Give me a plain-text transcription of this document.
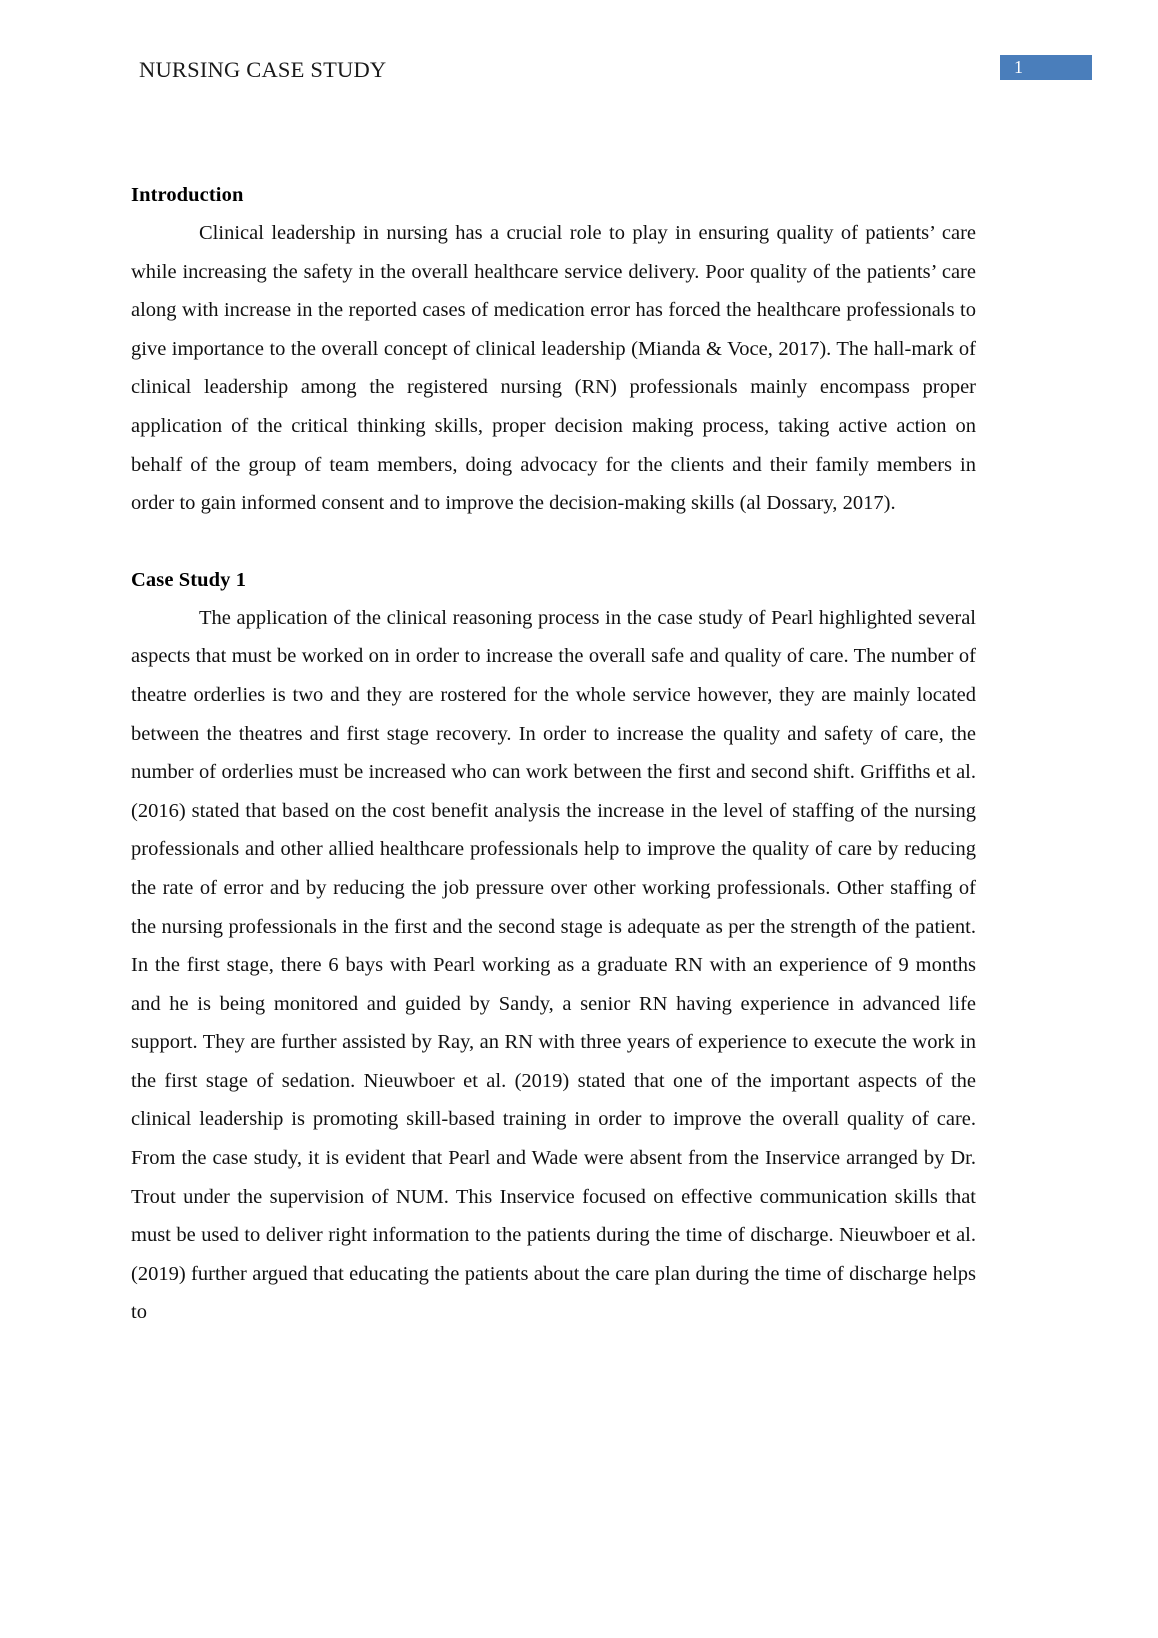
NURSING CASE STUDY	1
Introduction

Clinical leadership in nursing has a crucial role to play in ensuring quality of patients’ care while increasing the safety in the overall healthcare service delivery. Poor quality of the patients’ care along with increase in the reported cases of medication error has forced the healthcare professionals to give importance to the overall concept of clinical leadership (Mianda & Voce, 2017). The hall-mark of clinical leadership among the registered nursing (RN) professionals mainly encompass proper application of the critical thinking skills, proper decision making process, taking active action on behalf of the group of team members, doing advocacy for the clients and their family members in order to gain informed consent and to improve the decision-making skills (al Dossary, 2017).

Case Study 1

The application of the clinical reasoning process in the case study of Pearl highlighted several aspects that must be worked on in order to increase the overall safe and quality of care. The number of theatre orderlies is two and they are rostered for the whole service however, they are mainly located between the theatres and first stage recovery. In order to increase the quality and safety of care, the number of orderlies must be increased who can work between the first and second shift. Griffiths et al. (2016) stated that based on the cost benefit analysis the increase in the level of staffing of the nursing professionals and other allied healthcare professionals help to improve the quality of care by reducing the rate of error and by reducing the job pressure over other working professionals. Other staffing of the nursing professionals in the first and the second stage is adequate as per the strength of the patient. In the first stage, there 6 bays with Pearl working as a graduate RN with an experience of 9 months and he is being monitored and guided by Sandy, a senior RN having experience in advanced life support. They are further assisted by Ray, an RN with three years of experience to execute the work in the first stage of sedation. Nieuwboer et al. (2019) stated that one of the important aspects of the clinical leadership is promoting skill-based training in order to improve the overall quality of care. From the case study, it is evident that Pearl and Wade were absent from the Inservice arranged by Dr. Trout under the supervision of NUM. This Inservice focused on effective communication skills that must be used to deliver right information to the patients during the time of discharge. Nieuwboer et al. (2019) further argued that educating the patients about the care plan during the time of discharge helps to
